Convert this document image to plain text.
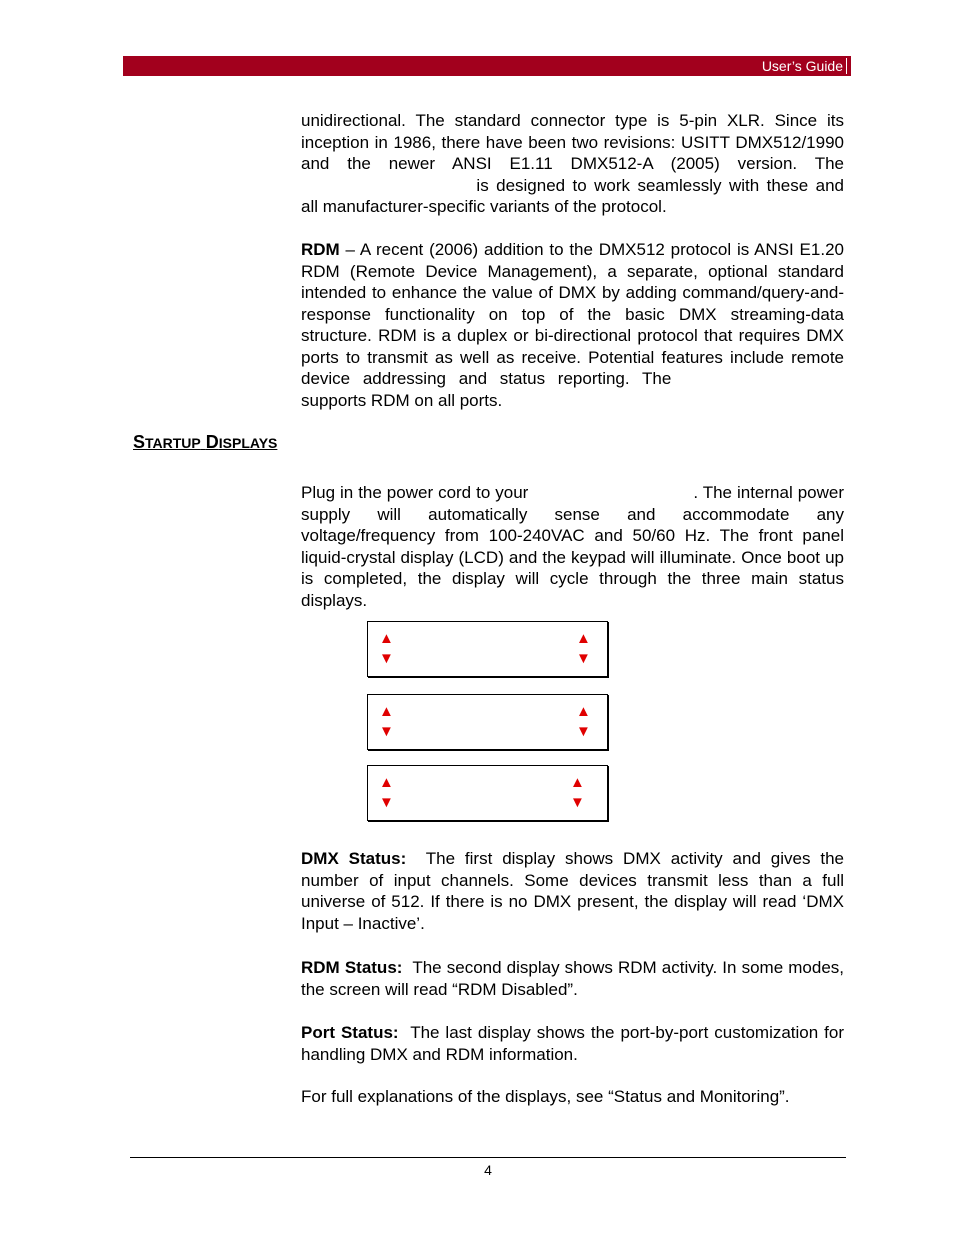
User’s Guide

unidirectional. The standard connector type is 5-pin XLR. Since its inception in 1986, there have been two revisions: USITT DMX512/1990 and the newer ANSI E1.11 DMX512-A (2005) version. The  is designed to work seamlessly with these and all manufacturer-specific variants of the protocol.

RDM – A recent (2006) addition to the DMX512 protocol is ANSI E1.20 RDM (Remote Device Management), a separate, optional standard intended to enhance the value of DMX by adding command/query-and-response functionality on top of the basic DMX streaming-data structure. RDM is a duplex or bi-directional protocol that requires DMX ports to transmit as well as receive. Potential features include remote device addressing and status reporting. The  supports RDM on all ports.

STARTUP DISPLAYS

Plug in the power cord to your	. The internal power supply will automatically sense and accommodate any voltage/frequency from 100-240VAC and 50/60 Hz. The front panel liquid-crystal display (LCD) and the keypad will illuminate. Once boot up is completed, the display will cycle through the three main status displays.

▲
▼
▲
▼
▲
▼
▲
▼
▲
▼
▲
▼

DMX Status: The first display shows DMX activity and gives the number of input channels. Some devices transmit less than a full universe of 512. If there is no DMX present, the display will read ‘DMX Input – Inactive’.

RDM Status: The second display shows RDM activity. In some modes, the screen will read “RDM Disabled”.

Port Status: The last display shows the port-by-port customization for handling DMX and RDM information.

For full explanations of the displays, see “Status and Monitoring”.

4
